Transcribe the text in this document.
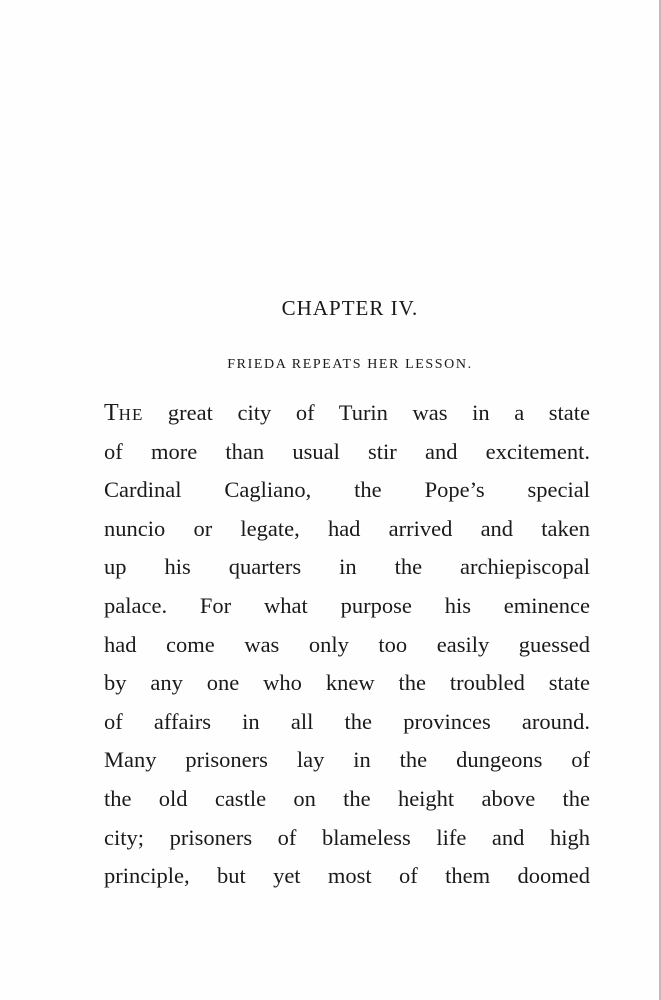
CHAPTER IV.
FRIEDA REPEATS HER LESSON.
THE great city of Turin was in a state
of more than usual stir and excitement.
Cardinal Cagliano, the Pope’s special
nuncio or legate, had arrived and taken
up his quarters in the archiepiscopal
palace. For what purpose his eminence
had come was only too easily guessed
by any one who knew the troubled state
of affairs in all the provinces around.
Many prisoners lay in the dungeons of
the old castle on the height above the
city; prisoners of blameless life and high
principle, but yet most of them doomed
